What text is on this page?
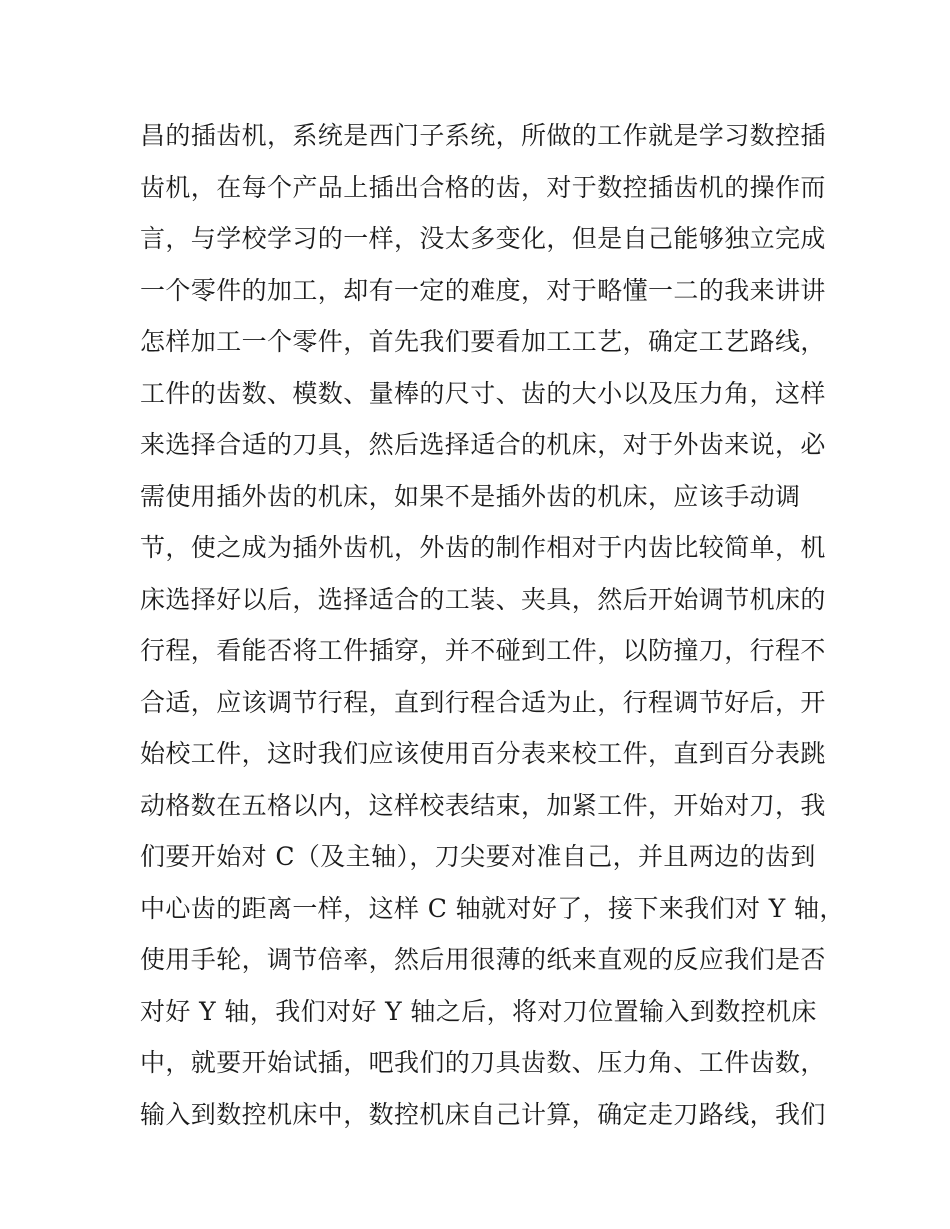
昌的插齿机，系统是西门子系统，所做的工作就是学习数控插
齿机，在每个产品上插出合格的齿，对于数控插齿机的操作而
言，与学校学习的一样，没太多变化，但是自己能够独立完成
一个零件的加工，却有一定的难度，对于略懂一二的我来讲讲
怎样加工一个零件，首先我们要看加工工艺，确定工艺路线，
工件的齿数、模数、量棒的尺寸、齿的大小以及压力角，这样
来选择合适的刀具，然后选择适合的机床，对于外齿来说，必
需使用插外齿的机床，如果不是插外齿的机床，应该手动调
节，使之成为插外齿机，外齿的制作相对于内齿比较简单，机
床选择好以后，选择适合的工装、夹具，然后开始调节机床的
行程，看能否将工件插穿，并不碰到工件，以防撞刀，行程不
合适，应该调节行程，直到行程合适为止，行程调节好后，开
始校工件，这时我们应该使用百分表来校工件，直到百分表跳
动格数在五格以内，这样校表结束，加紧工件，开始对刀，我
们要开始对 C（及主轴），刀尖要对准自己，并且两边的齿到
中心齿的距离一样，这样 C 轴就对好了，接下来我们对 Y 轴，
使用手轮，调节倍率，然后用很薄的纸来直观的反应我们是否
对好 Y 轴，我们对好 Y 轴之后，将对刀位置输入到数控机床
中，就要开始试插，吧我们的刀具齿数、压力角、工件齿数，
输入到数控机床中，数控机床自己计算，确定走刀路线，我们
